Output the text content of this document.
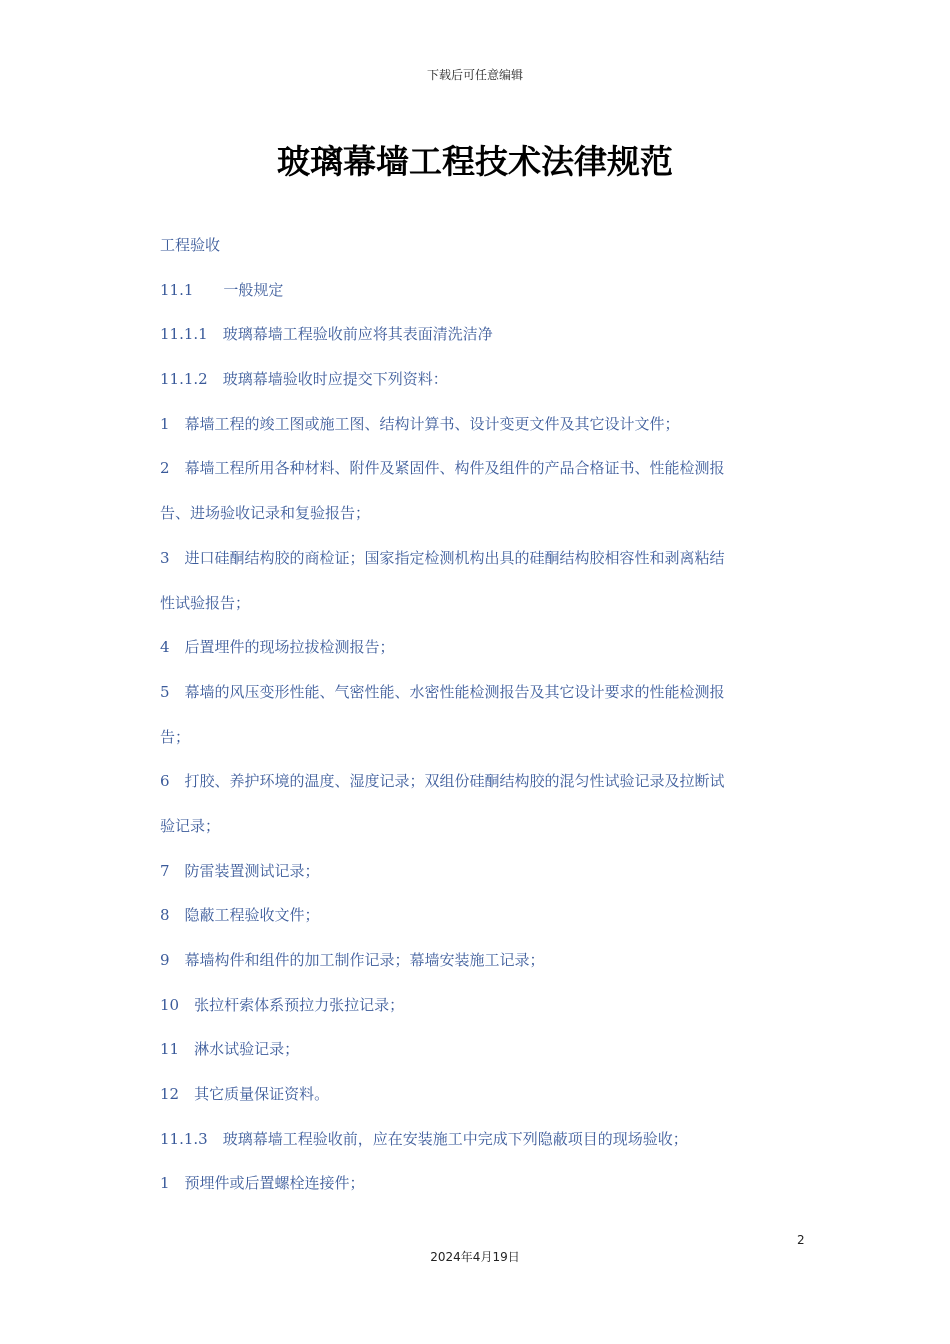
下载后可任意编辑
玻璃幕墙工程技术法律规范
工程验收
11.1　　一般规定
11.1.1　玻璃幕墙工程验收前应将其表面清洗洁净
11.1.2　玻璃幕墙验收时应提交下列资料：
1　幕墙工程的竣工图或施工图、结构计算书、设计变更文件及其它设计文件；
2　幕墙工程所用各种材料、附件及紧固件、构件及组件的产品合格证书、性能检测报
告、进场验收记录和复验报告；
3　进口硅酮结构胶的商检证；国家指定检测机构出具的硅酮结构胶相容性和剥离粘结
性试验报告；
4　后置埋件的现场拉拔检测报告；
5　幕墙的风压变形性能、气密性能、水密性能检测报告及其它设计要求的性能检测报
告；
6　打胶、养护环境的温度、湿度记录；双组份硅酮结构胶的混匀性试验记录及拉断试
验记录；
7　防雷装置测试记录；
8　隐蔽工程验收文件；
9　幕墙构件和组件的加工制作记录；幕墙安装施工记录；
10　张拉杆索体系预拉力张拉记录；
11　淋水试验记录；
12　其它质量保证资料。
11.1.3　玻璃幕墙工程验收前，应在安装施工中完成下列隐蔽项目的现场验收；
1　预埋件或后置螺栓连接件；
2
2024年4月19日
